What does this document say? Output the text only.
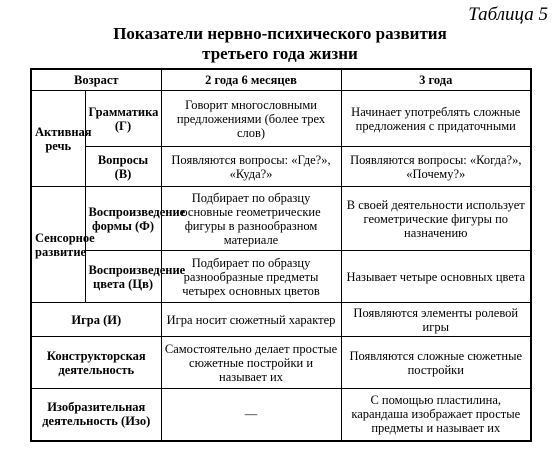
Таблица 5
Показатели нервно-психического развития
третьего года жизни
Возраст		2 года 6 месяцев	3 года
Активная речь	Грамматика (Г)	Говорит многословными предложениями (более трех слов)	Начинает употреблять сложные предложения с придаточными
	Вопросы (В)	Появляются вопросы: «Где?», «Куда?»	Появляются вопросы: «Когда?», «Почему?»
Сенсорное развитие	Воспроизведение формы (Ф)	Подбирает по образцу основные геометрические фигуры в разнообразном материале	В своей деятельности использует геометрические фигуры по назначению
	Воспроизведение цвета (Цв)	Подбирает по образцу разнообразные предметы четырех основных цветов	Называет четыре основных цвета
Игра (И)		Игра носит сюжетный характер	Появляются элементы ролевой игры
Конструкторская деятельность		Самостоятельно делает простые сюжетные постройки и называет их	Появляются сложные сюжетные постройки
Изобразительная деятельность (Изо)		—	С помощью пластилина, карандаша изображает простые предметы и называет их
